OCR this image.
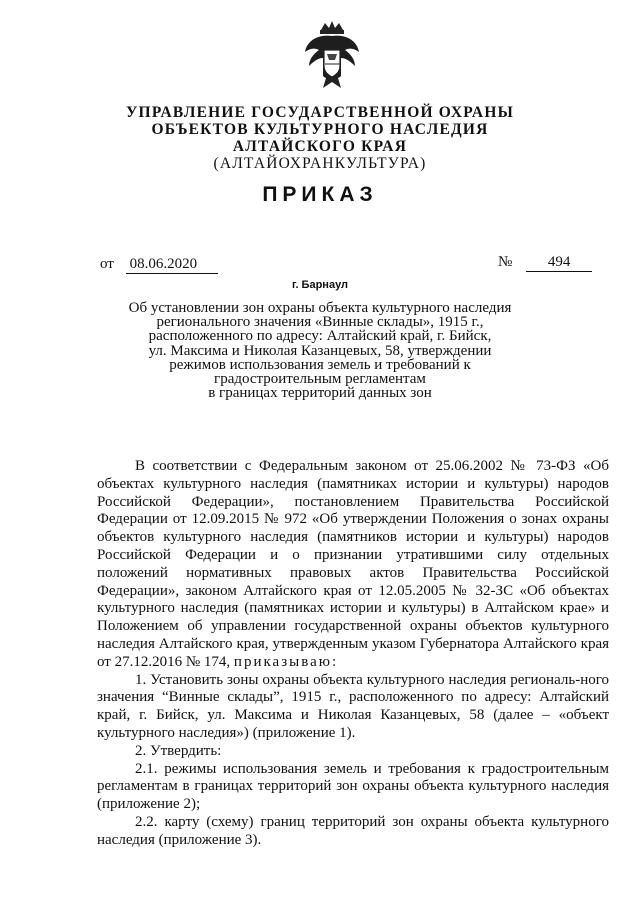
УПРАВЛЕНИЕ ГОСУДАРСТВЕННОЙ ОХРАНЫ
ОБЪЕКТОВ КУЛЬТУРНОГО НАСЛЕДИЯ
АЛТАЙСКОГО КРАЯ
(АЛТАЙОХРАНКУЛЬТУРА)
ПРИКАЗ
от 08.06.2020	№ 494
г. Барнаул
Об установлении зон охраны объекта культурного наследия
регионального значения «Винные склады», 1915 г.,
расположенного по адресу: Алтайский край, г. Бийск,
ул. Максима и Николая Казанцевых, 58, утверждении
режимов использования земель и требований к
градостроительным регламентам
в границах территорий данных зон

В соответствии с Федеральным законом от 25.06.2002 № 73-ФЗ «Об объектах культурного наследия (памятниках истории и культуры) народов Российской Федерации», постановлением Правительства Российской Федерации от 12.09.2015 № 972 «Об утверждении Положения о зонах охраны объектов культурного наследия (памятников истории и культуры) народов Российской Федерации и о признании утратившими силу отдельных положений нормативных правовых актов Правительства Российской Федерации», законом Алтайского края от 12.05.2005 № 32-ЗС «Об объектах культурного наследия (памятниках истории и культуры) в Алтайском крае» и Положением об управлении государственной охраны объектов культурного наследия Алтайского края, утвержденным указом Губернатора Алтайского края от 27.12.2016 № 174, приказываю:

1. Установить зоны охраны объекта культурного наследия региональ-ного значения “Винные склады”, 1915 г., расположенного по адресу: Алтайский край, г. Бийск, ул. Максима и Николая Казанцевых, 58 (далее – «объект культурного наследия») (приложение 1).

2. Утвердить:

2.1. режимы использования земель и требования к градостроительным регламентам в границах территорий зон охраны объекта культурного наследия (приложение 2);

2.2. карту (схему) границ территорий зон охраны объекта культурного наследия (приложение 3).
